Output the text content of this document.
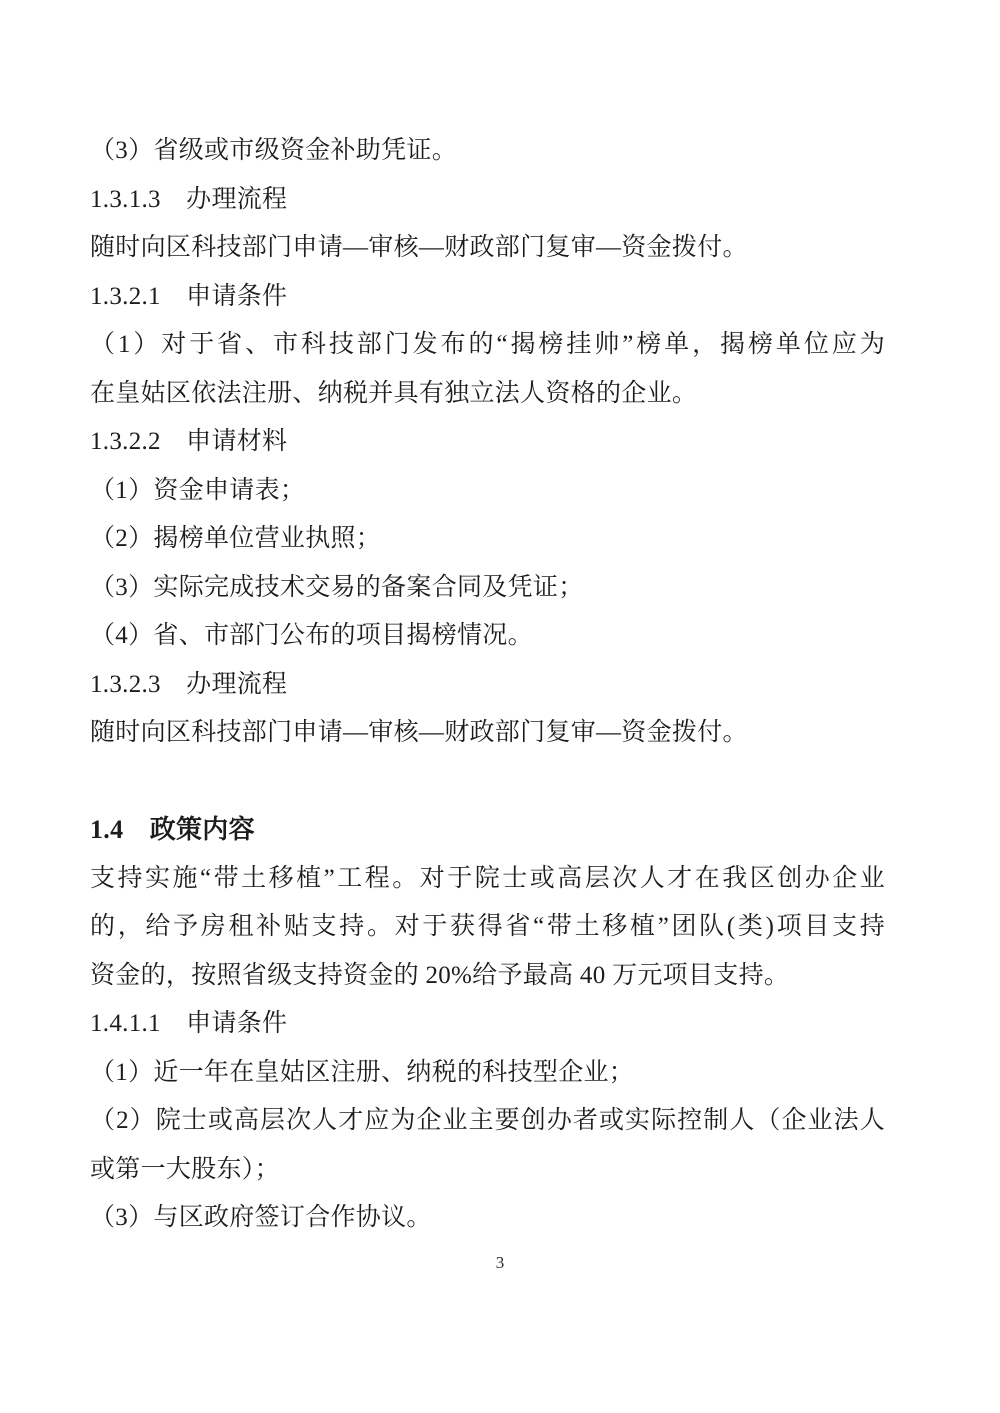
（3）省级或市级资金补助凭证。
1.3.1.3　办理流程
随时向区科技部门申请—审核—财政部门复审—资金拨付。
1.3.2.1　申请条件
（1）对于省、市科技部门发布的“揭榜挂帅”榜单，揭榜单位应为
在皇姑区依法注册、纳税并具有独立法人资格的企业。
1.3.2.2　申请材料
（1）资金申请表；
（2）揭榜单位营业执照；
（3）实际完成技术交易的备案合同及凭证；
（4）省、市部门公布的项目揭榜情况。
1.3.2.3　办理流程
随时向区科技部门申请—审核—财政部门复审—资金拨付。
1.4　政策内容
支持实施“带土移植”工程。对于院士或高层次人才在我区创办企业
的，给予房租补贴支持。对于获得省“带土移植”团队(类)项目支持
资金的，按照省级支持资金的 20%给予最高 40 万元项目支持。
1.4.1.1　申请条件
（1）近一年在皇姑区注册、纳税的科技型企业；
（2）院士或高层次人才应为企业主要创办者或实际控制人（企业法人
或第一大股东）；
（3）与区政府签订合作协议。
3
